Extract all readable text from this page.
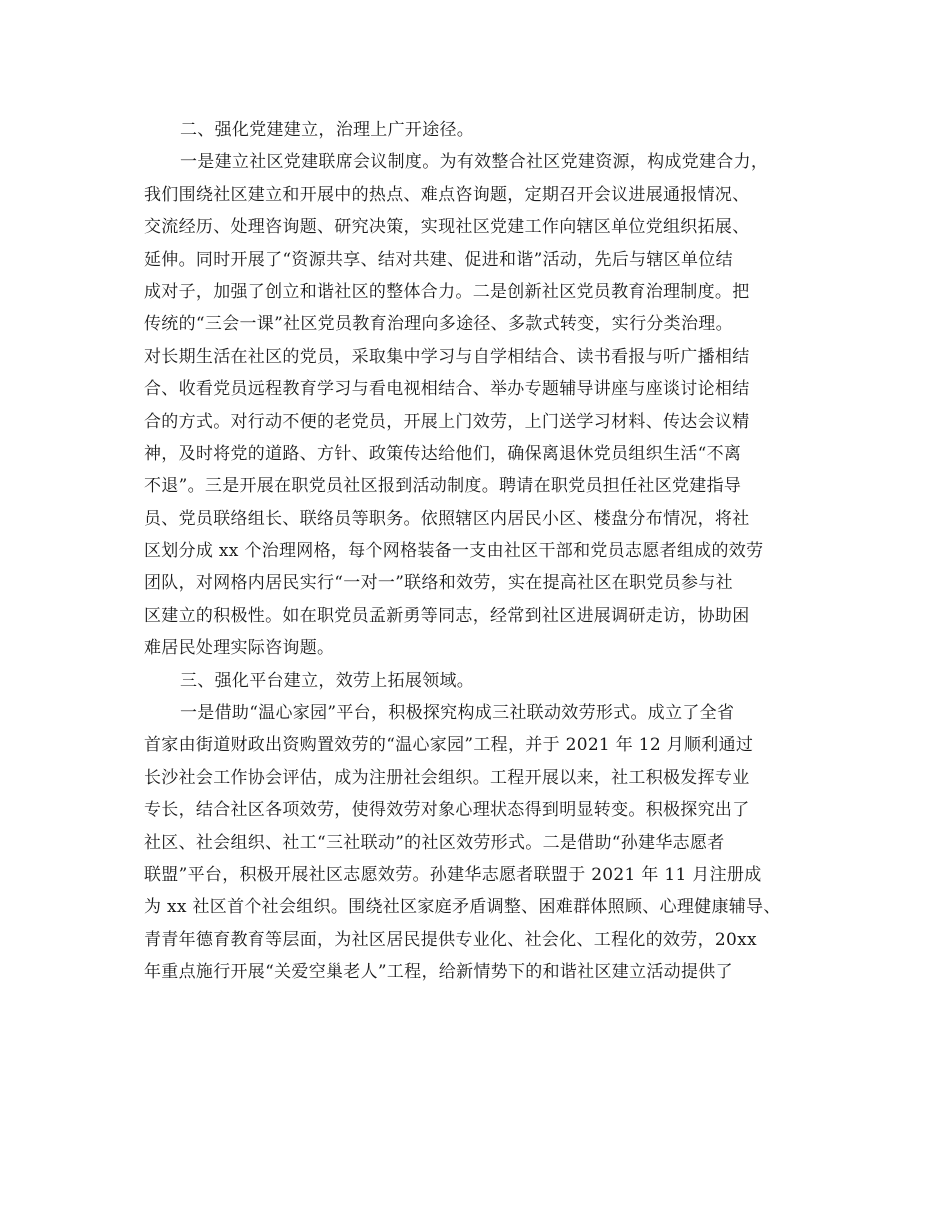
二、强化党建建立，治理上广开途径。
一是建立社区党建联席会议制度。为有效整合社区党建资源，构成党建合力，
我们围绕社区建立和开展中的热点、难点咨询题，定期召开会议进展通报情况、
交流经历、处理咨询题、研究决策，实现社区党建工作向辖区单位党组织拓展、
延伸。同时开展了“资源共享、结对共建、促进和谐”活动，先后与辖区单位结
成对子，加强了创立和谐社区的整体合力。二是创新社区党员教育治理制度。把
传统的“三会一课”社区党员教育治理向多途径、多款式转变，实行分类治理。
对长期生活在社区的党员，采取集中学习与自学相结合、读书看报与听广播相结
合、收看党员远程教育学习与看电视相结合、举办专题辅导讲座与座谈讨论相结
合的方式。对行动不便的老党员，开展上门效劳，上门送学习材料、传达会议精
神，及时将党的道路、方针、政策传达给他们，确保离退休党员组织生活“不离
不退”。三是开展在职党员社区报到活动制度。聘请在职党员担任社区党建指导
员、党员联络组长、联络员等职务。依照辖区内居民小区、楼盘分布情况，将社
区划分成 xx 个治理网格，每个网格装备一支由社区干部和党员志愿者组成的效劳
团队，对网格内居民实行“一对一”联络和效劳，实在提高社区在职党员参与社
区建立的积极性。如在职党员孟新勇等同志，经常到社区进展调研走访，协助困
难居民处理实际咨询题。
三、强化平台建立，效劳上拓展领域。
一是借助“温心家园”平台，积极探究构成三社联动效劳形式。成立了全省
首家由街道财政出资购置效劳的“温心家园”工程，并于 2021 年 12 月顺利通过
长沙社会工作协会评估，成为注册社会组织。工程开展以来，社工积极发挥专业
专长，结合社区各项效劳，使得效劳对象心理状态得到明显转变。积极探究出了
社区、社会组织、社工“三社联动”的社区效劳形式。二是借助“孙建华志愿者
联盟”平台，积极开展社区志愿效劳。孙建华志愿者联盟于 2021 年 11 月注册成
为 xx 社区首个社会组织。围绕社区家庭矛盾调整、困难群体照顾、心理健康辅导、
青青年德育教育等层面，为社区居民提供专业化、社会化、工程化的效劳，20xx
年重点施行开展“关爱空巢老人”工程，给新情势下的和谐社区建立活动提供了
